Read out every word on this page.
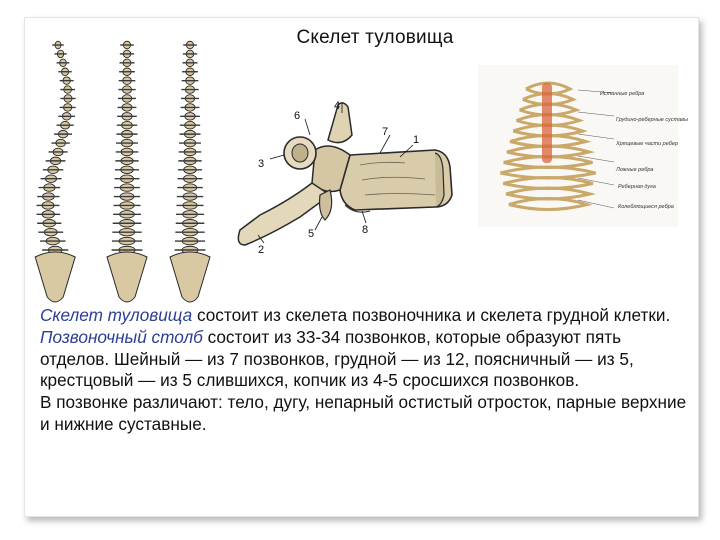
Скелет туловища
1
2
3
4
5
6
7
8
Истинные ребра
Грудино-реберные суставы
Хрящевые части ребер
Ложные ребра
Реберная дуга
Колеблющиеся ребра

Скелет туловища состоит из скелета позвоночника и скелета грудной клетки.

Позвоночный столб состоит из 33-34 позвонков, которые образуют пять отделов. Шейный — из 7 позвонков, грудной — из 12, поясничный — из 5, крестцовый — из 5 слившихся, копчик из 4-5 сросшихся позвонков.

В позвонке различают: тело, дугу, непарный остистый отросток, парные верхние и нижние суставные.
